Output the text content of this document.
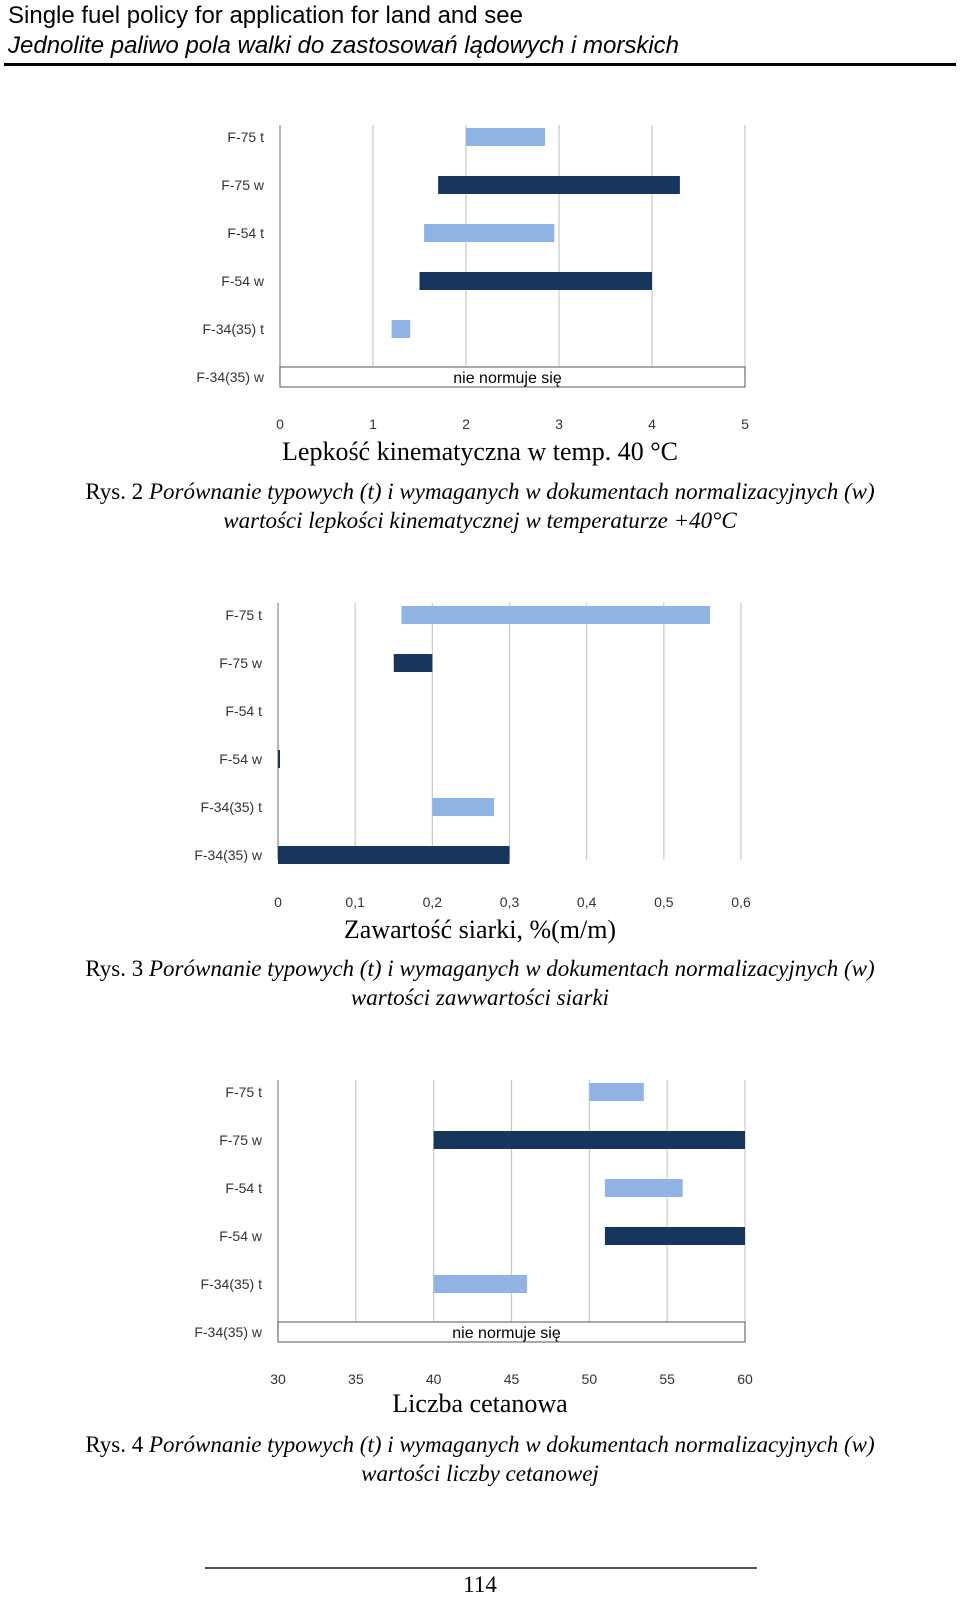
Single fuel policy for application for land and see
Jednolite paliwo pola walki do zastosowań lądowych i morskich
0	1	2	3	4	5
F-75 t
F-75 w
F-54 t
F-54 w
F-34(35) t
F-34(35) w	nie normuje się
Lepkość kinematyczna w temp. 40 °C
Rys. 2 Porównanie typowych (t) i wymaganych w dokumentach normalizacyjnych (w)
wartości lepkości kinematycznej w temperaturze +40°C
0	0,1	0,2	0,3	0,4	0,5	0,6
F-75 t
F-75 w
F-54 t
F-54 w
F-34(35) t
F-34(35) w
Zawartość siarki, %(m/m)
Rys. 3 Porównanie typowych (t) i wymaganych w dokumentach normalizacyjnych (w)
wartości zawwartości siarki
30	35	40	45	50	55	60
F-75 t
F-75 w
F-54 t
F-54 w
F-34(35) t
F-34(35) w	nie normuje się
Liczba cetanowa
Rys. 4 Porównanie typowych (t) i wymaganych w dokumentach normalizacyjnych (w)
wartości liczby cetanowej
114
